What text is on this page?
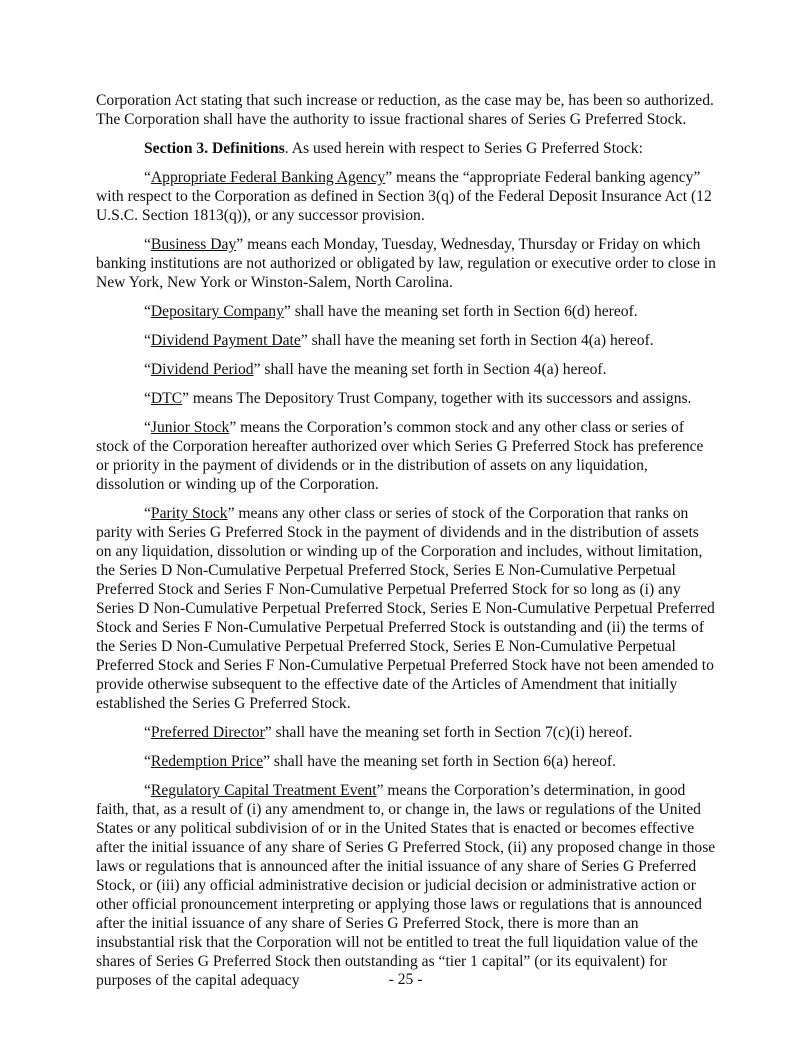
Corporation Act stating that such increase or reduction, as the case may be, has been so authorized. The Corporation shall have the authority to issue fractional shares of Series G Preferred Stock.

Section 3. Definitions. As used herein with respect to Series G Preferred Stock:

“Appropriate Federal Banking Agency” means the “appropriate Federal banking agency” with respect to the Corporation as defined in Section 3(q) of the Federal Deposit Insurance Act (12 U.S.C. Section 1813(q)), or any successor provision.

“Business Day” means each Monday, Tuesday, Wednesday, Thursday or Friday on which banking institutions are not authorized or obligated by law, regulation or executive order to close in New York, New York or Winston-Salem, North Carolina.

“Depositary Company” shall have the meaning set forth in Section 6(d) hereof.

“Dividend Payment Date” shall have the meaning set forth in Section 4(a) hereof.

“Dividend Period” shall have the meaning set forth in Section 4(a) hereof.

“DTC” means The Depository Trust Company, together with its successors and assigns.

“Junior Stock” means the Corporation’s common stock and any other class or series of stock of the Corporation hereafter authorized over which Series G Preferred Stock has preference or priority in the payment of dividends or in the distribution of assets on any liquidation, dissolution or winding up of the Corporation.

“Parity Stock” means any other class or series of stock of the Corporation that ranks on parity with Series G Preferred Stock in the payment of dividends and in the distribution of assets on any liquidation, dissolution or winding up of the Corporation and includes, without limitation, the Series D Non-Cumulative Perpetual Preferred Stock, Series E Non-Cumulative Perpetual Preferred Stock and Series F Non-Cumulative Perpetual Preferred Stock for so long as (i) any Series D Non-Cumulative Perpetual Preferred Stock, Series E Non-Cumulative Perpetual Preferred Stock and Series F Non-Cumulative Perpetual Preferred Stock is outstanding and (ii) the terms of the Series D Non-Cumulative Perpetual Preferred Stock, Series E Non-Cumulative Perpetual Preferred Stock and Series F Non-Cumulative Perpetual Preferred Stock have not been amended to provide otherwise subsequent to the effective date of the Articles of Amendment that initially established the Series G Preferred Stock.

“Preferred Director” shall have the meaning set forth in Section 7(c)(i) hereof.

“Redemption Price” shall have the meaning set forth in Section 6(a) hereof.

“Regulatory Capital Treatment Event” means the Corporation’s determination, in good faith, that, as a result of (i) any amendment to, or change in, the laws or regulations of the United States or any political subdivision of or in the United States that is enacted or becomes effective after the initial issuance of any share of Series G Preferred Stock, (ii) any proposed change in those laws or regulations that is announced after the initial issuance of any share of Series G Preferred Stock, or (iii) any official administrative decision or judicial decision or administrative action or other official pronouncement interpreting or applying those laws or regulations that is announced after the initial issuance of any share of Series G Preferred Stock, there is more than an insubstantial risk that the Corporation will not be entitled to treat the full liquidation value of the shares of Series G Preferred Stock then outstanding as “tier 1 capital” (or its equivalent) for purposes of the capital adequacy	- 25 -
